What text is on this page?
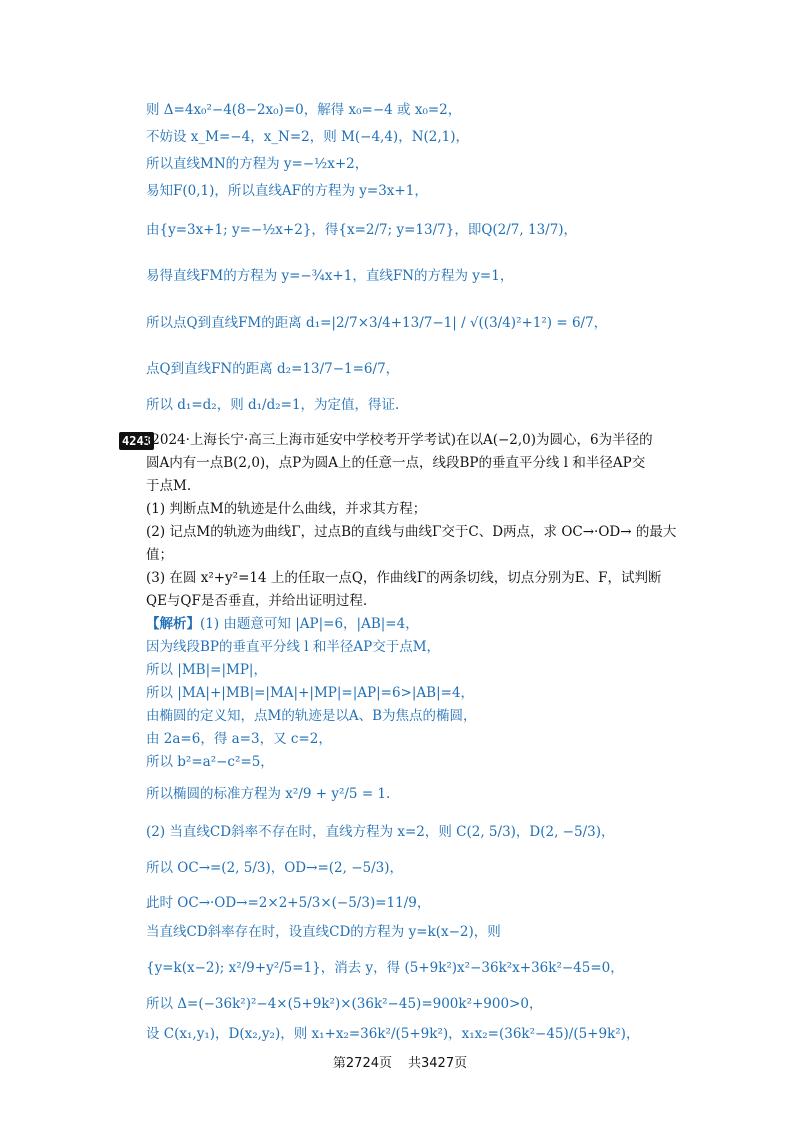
则 Δ=4x₀²−4(8−2x₀)=0，解得 x₀=−4 或 x₀=2，
不妨设 x_M=−4，x_N=2，则 M(−4,4)，N(2,1)，
所以直线MN的方程为 y=−½x+2，
易知F(0,1)，所以直线AF的方程为 y=3x+1，
由{y=3x+1; y=−½x+2}，得{x=2/7; y=13/7}，即Q(2/7, 13/7)，
易得直线FM的方程为 y=−¾x+1，直线FN的方程为 y=1，
所以点Q到直线FM的距离 d₁=|2/7×3/4+13/7−1| / √((3/4)²+1²) = 6/7，
点Q到直线FN的距离 d₂=13/7−1=6/7，
所以 d₁=d₂，则 d₁/d₂=1，为定值，得证.
4243
(2024·上海长宁·高三上海市延安中学校考开学考试)在以A(−2,0)为圆心，6为半径的
圆A内有一点B(2,0)，点P为圆A上的任意一点，线段BP的垂直平分线 l 和半径AP交
于点M.
(1) 判断点M的轨迹是什么曲线，并求其方程；
(2) 记点M的轨迹为曲线Γ，过点B的直线与曲线Γ交于C、D两点，求 OC→·OD→ 的最大
值；
(3) 在圆 x²+y²=14 上的任取一点Q，作曲线Γ的两条切线，切点分别为E、F，试判断
QE与QF是否垂直，并给出证明过程.
【解析】(1) 由题意可知 |AP|=6，|AB|=4，
因为线段BP的垂直平分线 l 和半径AP交于点M，
所以 |MB|=|MP|，
所以 |MA|+|MB|=|MA|+|MP|=|AP|=6>|AB|=4，
由椭圆的定义知，点M的轨迹是以A、B为焦点的椭圆，
由 2a=6，得 a=3，又 c=2，
所以 b²=a²−c²=5，
所以椭圆的标准方程为 x²/9 + y²/5 = 1.
(2) 当直线CD斜率不存在时，直线方程为 x=2，则 C(2, 5/3)，D(2, −5/3)，
所以 OC→=(2, 5/3)，OD→=(2, −5/3)，
此时 OC→·OD→=2×2+5/3×(−5/3)=11/9，
当直线CD斜率存在时，设直线CD的方程为 y=k(x−2)，则
{y=k(x−2); x²/9+y²/5=1}，消去 y，得 (5+9k²)x²−36k²x+36k²−45=0，
所以 Δ=(−36k²)²−4×(5+9k²)×(36k²−45)=900k²+900>0，
设 C(x₁,y₁)，D(x₂,y₂)，则 x₁+x₂=36k²/(5+9k²)，x₁x₂=(36k²−45)/(5+9k²)，
第2724页 共3427页
